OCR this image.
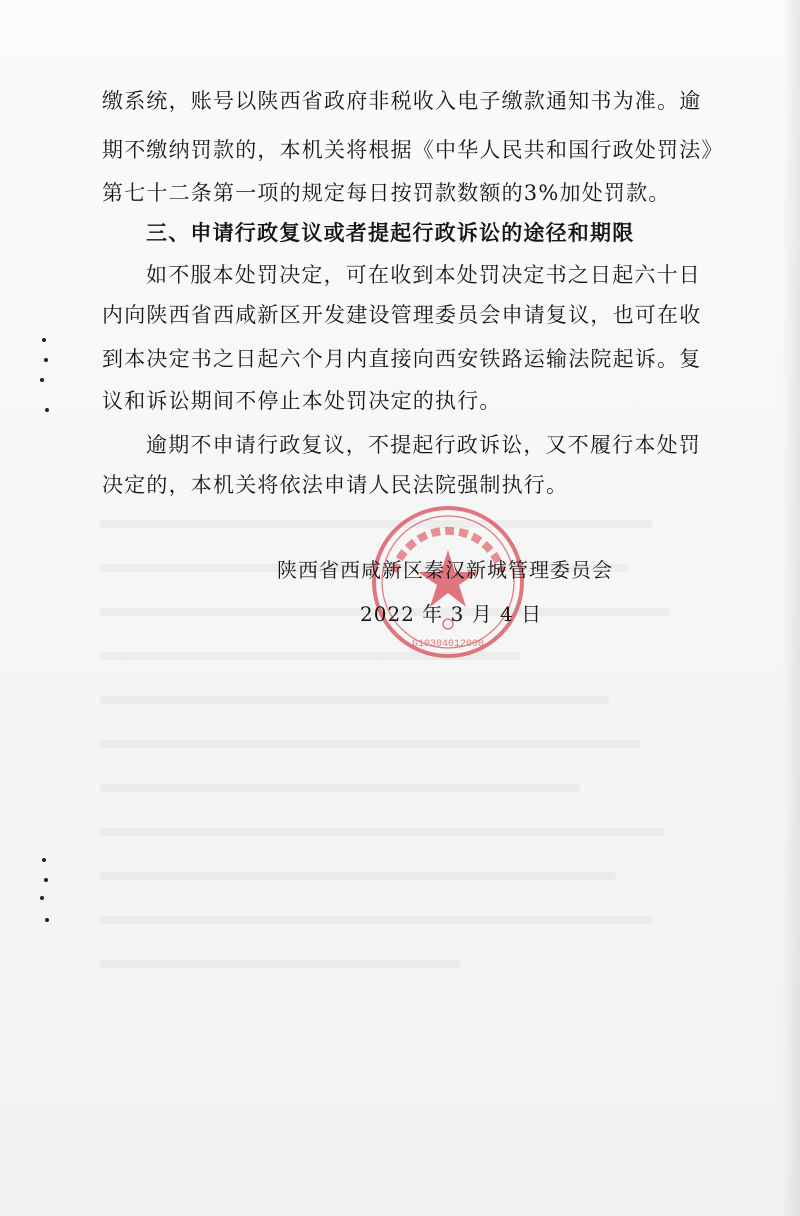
缴系统，账号以陕西省政府非税收入电子缴款通知书为准。逾
期不缴纳罚款的，本机关将根据《中华人民共和国行政处罚法》
第七十二条第一项的规定每日按罚款数额的3%加处罚款。
三、申请行政复议或者提起行政诉讼的途径和期限
如不服本处罚决定，可在收到本处罚决定书之日起六十日
内向陕西省西咸新区开发建设管理委员会申请复议，也可在收
到本决定书之日起六个月内直接向西安铁路运输法院起诉。复
议和诉讼期间不停止本处罚决定的执行。
逾期不申请行政复议，不提起行政诉讼，又不履行本处罚
决定的，本机关将依法申请人民法院强制执行。
G10304012000
陕西省西咸新区秦汉新城管理委员会
2022 年 3 月 4 日
